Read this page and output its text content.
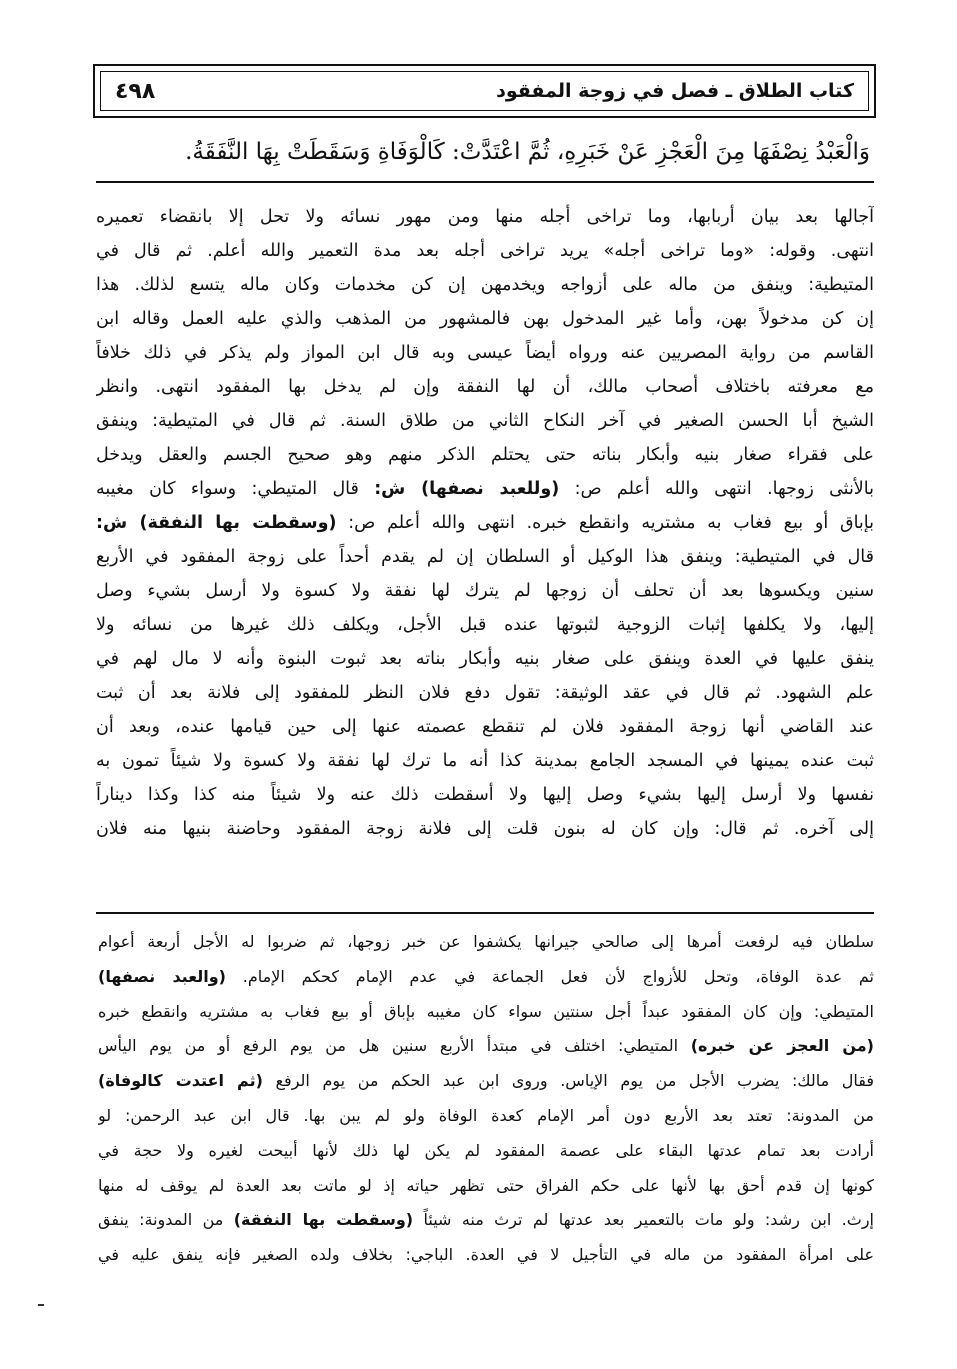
كتاب الطلاق ـ فصل في زوجة المفقود
٤٩٨
وَالْعَبْدُ نِصْفَهَا مِنَ الْعَجْزِ عَنْ خَبَرِهِ، ثُمَّ اعْتَدَّتْ: كَالْوَفَاةِ وَسَقَطَتْ بِهَا النَّفَقَةُ.
آجالها بعد بيان أربابها، وما تراخى أجله منها ومن مهور نسائه ولا تحل إلا بانقضاء تعميره
انتهى. وقوله: «وما تراخى أجله» يريد تراخى أجله بعد مدة التعمير والله أعلم. ثم قال في
المتيطية: وينفق من ماله على أزواجه ويخدمهن إن كن مخدمات وكان ماله يتسع لذلك. هذا
إن كن مدخولاً بهن، وأما غير المدخول بهن فالمشهور من المذهب والذي عليه العمل وقاله ابن
القاسم من رواية المصريين عنه ورواه أيضاً عيسى وبه قال ابن المواز ولم يذكر في ذلك خلافاً
مع معرفته باختلاف أصحاب مالك، أن لها النفقة وإن لم يدخل بها المفقود انتهى. وانظر
الشيخ أبا الحسن الصغير في آخر النكاح الثاني من طلاق السنة. ثم قال في المتيطية: وينفق
على فقراء صغار بنيه وأبكار بناته حتى يحتلم الذكر منهم وهو صحيح الجسم والعقل ويدخل
بالأنثى زوجها. انتهى والله أعلم ص: (وللعبد نصفها) ش: قال المتيطي: وسواء كان مغيبه
بإباق أو بيع فغاب به مشتريه وانقطع خبره. انتهى والله أعلم ص: (وسقطت بها النفقة) ش:
قال في المتيطية: وينفق هذا الوكيل أو السلطان إن لم يقدم أحداً على زوجة المفقود في الأربع
سنين ويكسوها بعد أن تحلف أن زوجها لم يترك لها نفقة ولا كسوة ولا أرسل بشيء وصل
إليها، ولا يكلفها إثبات الزوجية لثبوتها عنده قبل الأجل، ويكلف ذلك غيرها من نسائه ولا
ينفق عليها في العدة وينفق على صغار بنيه وأبكار بناته بعد ثبوت البنوة وأنه لا مال لهم في
علم الشهود. ثم قال في عقد الوثيقة: تقول دفع فلان النظر للمفقود إلى فلانة بعد أن ثبت
عند القاضي أنها زوجة المفقود فلان لم تنقطع عصمته عنها إلى حين قيامها عنده، وبعد أن
ثبت عنده يمينها في المسجد الجامع بمدينة كذا أنه ما ترك لها نفقة ولا كسوة ولا شيئاً تمون به
نفسها ولا أرسل إليها بشيء وصل إليها ولا أسقطت ذلك عنه ولا شيئاً منه كذا وكذا ديناراً
إلى آخره. ثم قال: وإن كان له بنون قلت إلى فلانة زوجة المفقود وحاضنة بنيها منه فلان
سلطان فيه لرفعت أمرها إلى صالحي جيرانها يكشفوا عن خبر زوجها، ثم ضربوا له الأجل أربعة أعوام
ثم عدة الوفاة، وتحل للأزواج لأن فعل الجماعة في عدم الإمام كحكم الإمام. (والعبد نصفها)
المتيطي: وإن كان المفقود عبداً أجل سنتين سواء كان مغيبه بإباق أو بيع فغاب به مشتريه وانقطع خبره
(من العجز عن خبره) المتيطي: اختلف في مبتدأ الأربع سنين هل من يوم الرفع أو من يوم اليأس
فقال مالك: يضرب الأجل من يوم الإياس. وروى ابن عبد الحكم من يوم الرفع (ثم اعتدت كالوفاة)
من المدونة: تعتد بعد الأربع دون أمر الإمام كعدة الوفاة ولو لم يبن بها. قال ابن عبد الرحمن: لو
أرادت بعد تمام عدتها البقاء على عصمة المفقود لم يكن لها ذلك لأنها أبيحت لغيره ولا حجة في
كونها إن قدم أحق بها لأنها على حكم الفراق حتى تظهر حياته إذ لو ماتت بعد العدة لم يوقف له منها
إرث. ابن رشد: ولو مات بالتعمير بعد عدتها لم ترث منه شيئاً (وسقطت بها النفقة) من المدونة: ينفق
على امرأة المفقود من ماله في التأجيل لا في العدة. الباجي: بخلاف ولده الصغير فإنه ينفق عليه في
